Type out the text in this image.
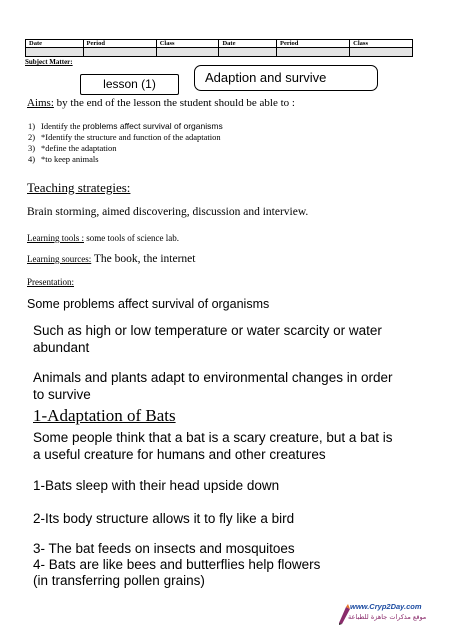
Date	Period	Class	Date	Period	Class

Subject Matter:
lesson (1)	Adaption and survive
Aims: by the end of the lesson the student should be able to :
1) Identify the problems affect survival of organisms
2) *Identify the structure and function of the adaptation
3) *define the adaptation
4) *to keep animals
Teaching strategies:
Brain storming, aimed discovering, discussion and interview.
Learning tools : some tools of science lab.
Learning sources: The book, the internet
Presentation:
Some problems affect survival of organisms
Such as high or low temperature or water scarcity or water
abundant
Animals and plants adapt to environmental changes in order
to survive
1-Adaptation of Bats
Some people think that a bat is a scary creature, but a bat is
a useful creature for humans and other creatures
1-Bats sleep with their head upside down
2-Its body structure allows it to fly like a bird
3- The bat feeds on insects and mosquitoes
4- Bats are like bees and butterflies help flowers
(in transferring pollen grains)
www.Cryp2Day.com
موقع مذكرات جاهزة للطباعة
